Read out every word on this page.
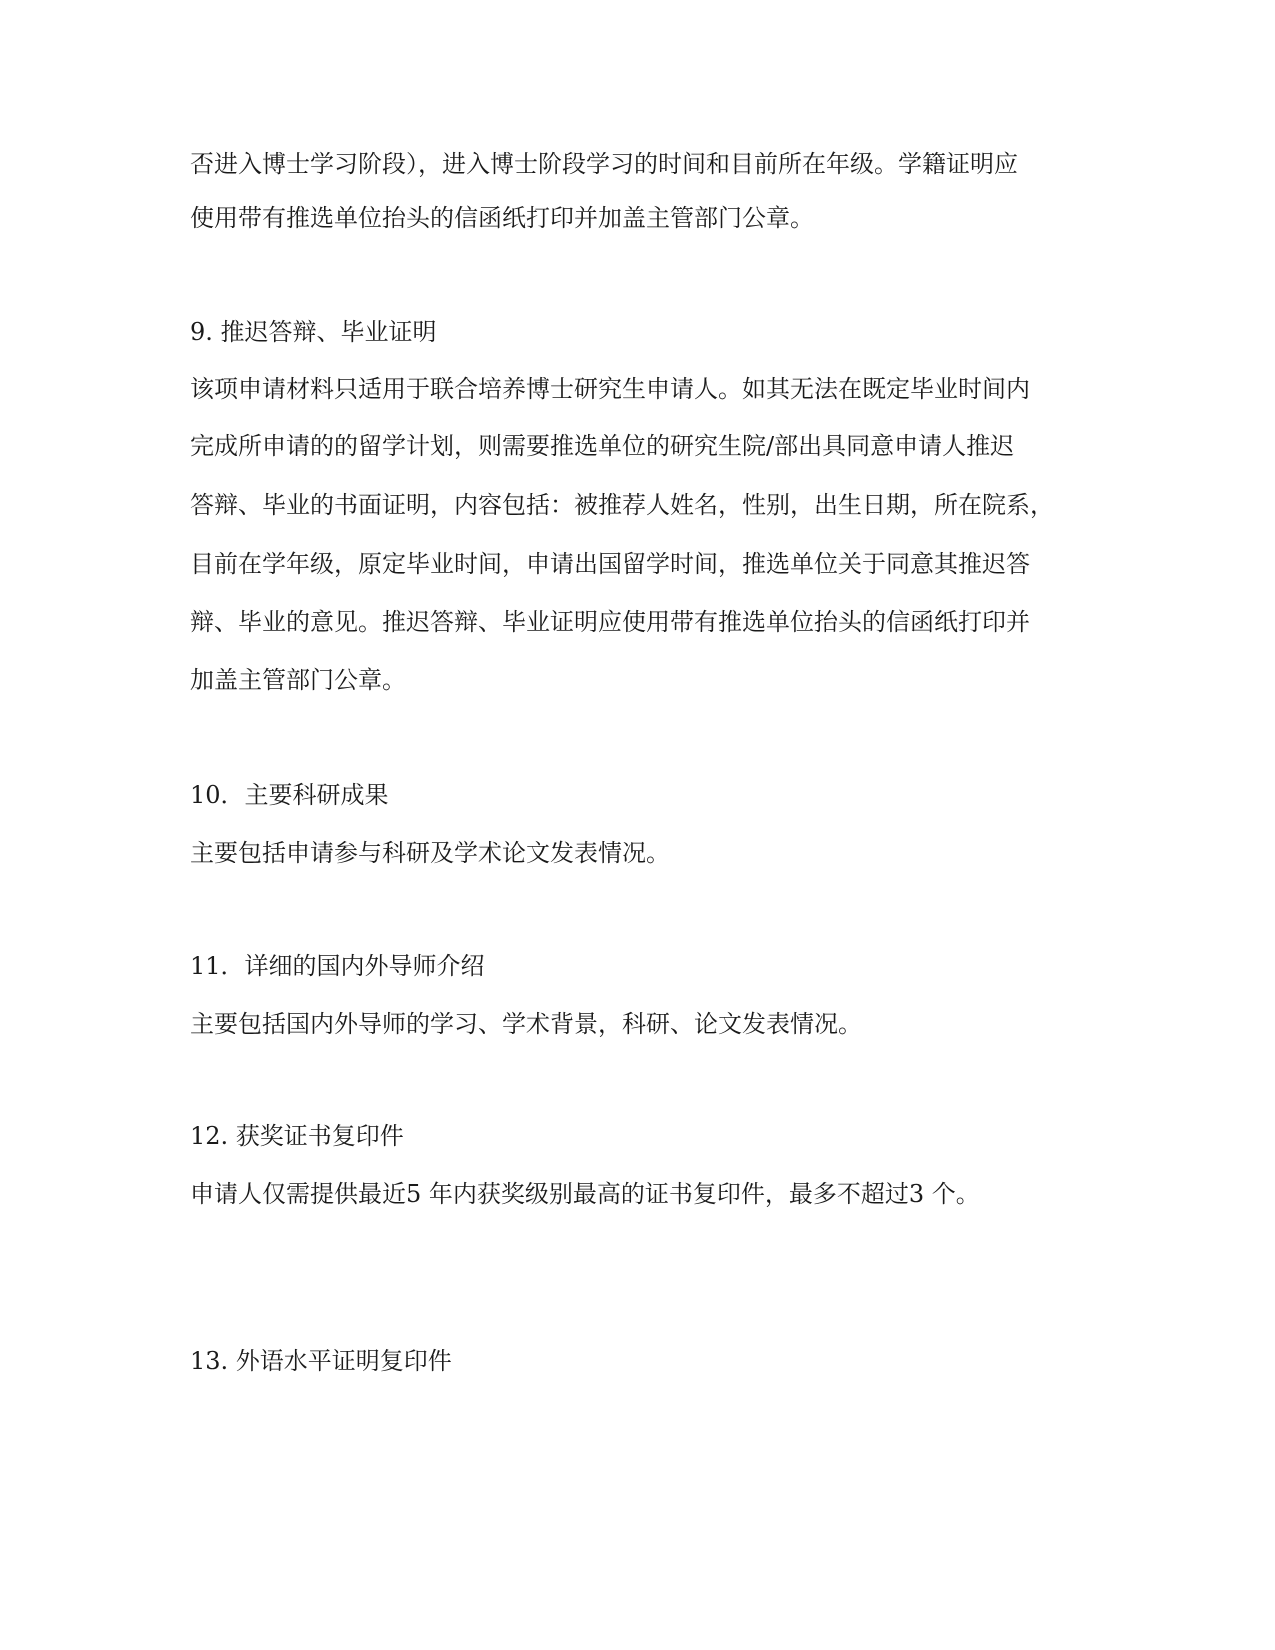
否进入博士学习阶段），进入博士阶段学习的时间和目前所在年级。学籍证明应
使用带有推选单位抬头的信函纸打印并加盖主管部门公章。
9. 推迟答辩、毕业证明
该项申请材料只适用于联合培养博士研究生申请人。如其无法在既定毕业时间内
完成所申请的的留学计划，则需要推选单位的研究生院/部出具同意申请人推迟
答辩、毕业的书面证明，内容包括：被推荐人姓名，性别，出生日期，所在院系，
目前在学年级，原定毕业时间，申请出国留学时间，推选单位关于同意其推迟答
辩、毕业的意见。推迟答辩、毕业证明应使用带有推选单位抬头的信函纸打印并
加盖主管部门公章。
10．主要科研成果
主要包括申请参与科研及学术论文发表情况。
11．详细的国内外导师介绍
主要包括国内外导师的学习、学术背景，科研、论文发表情况。
12. 获奖证书复印件
申请人仅需提供最近5 年内获奖级别最高的证书复印件，最多不超过3 个。
13. 外语水平证明复印件
